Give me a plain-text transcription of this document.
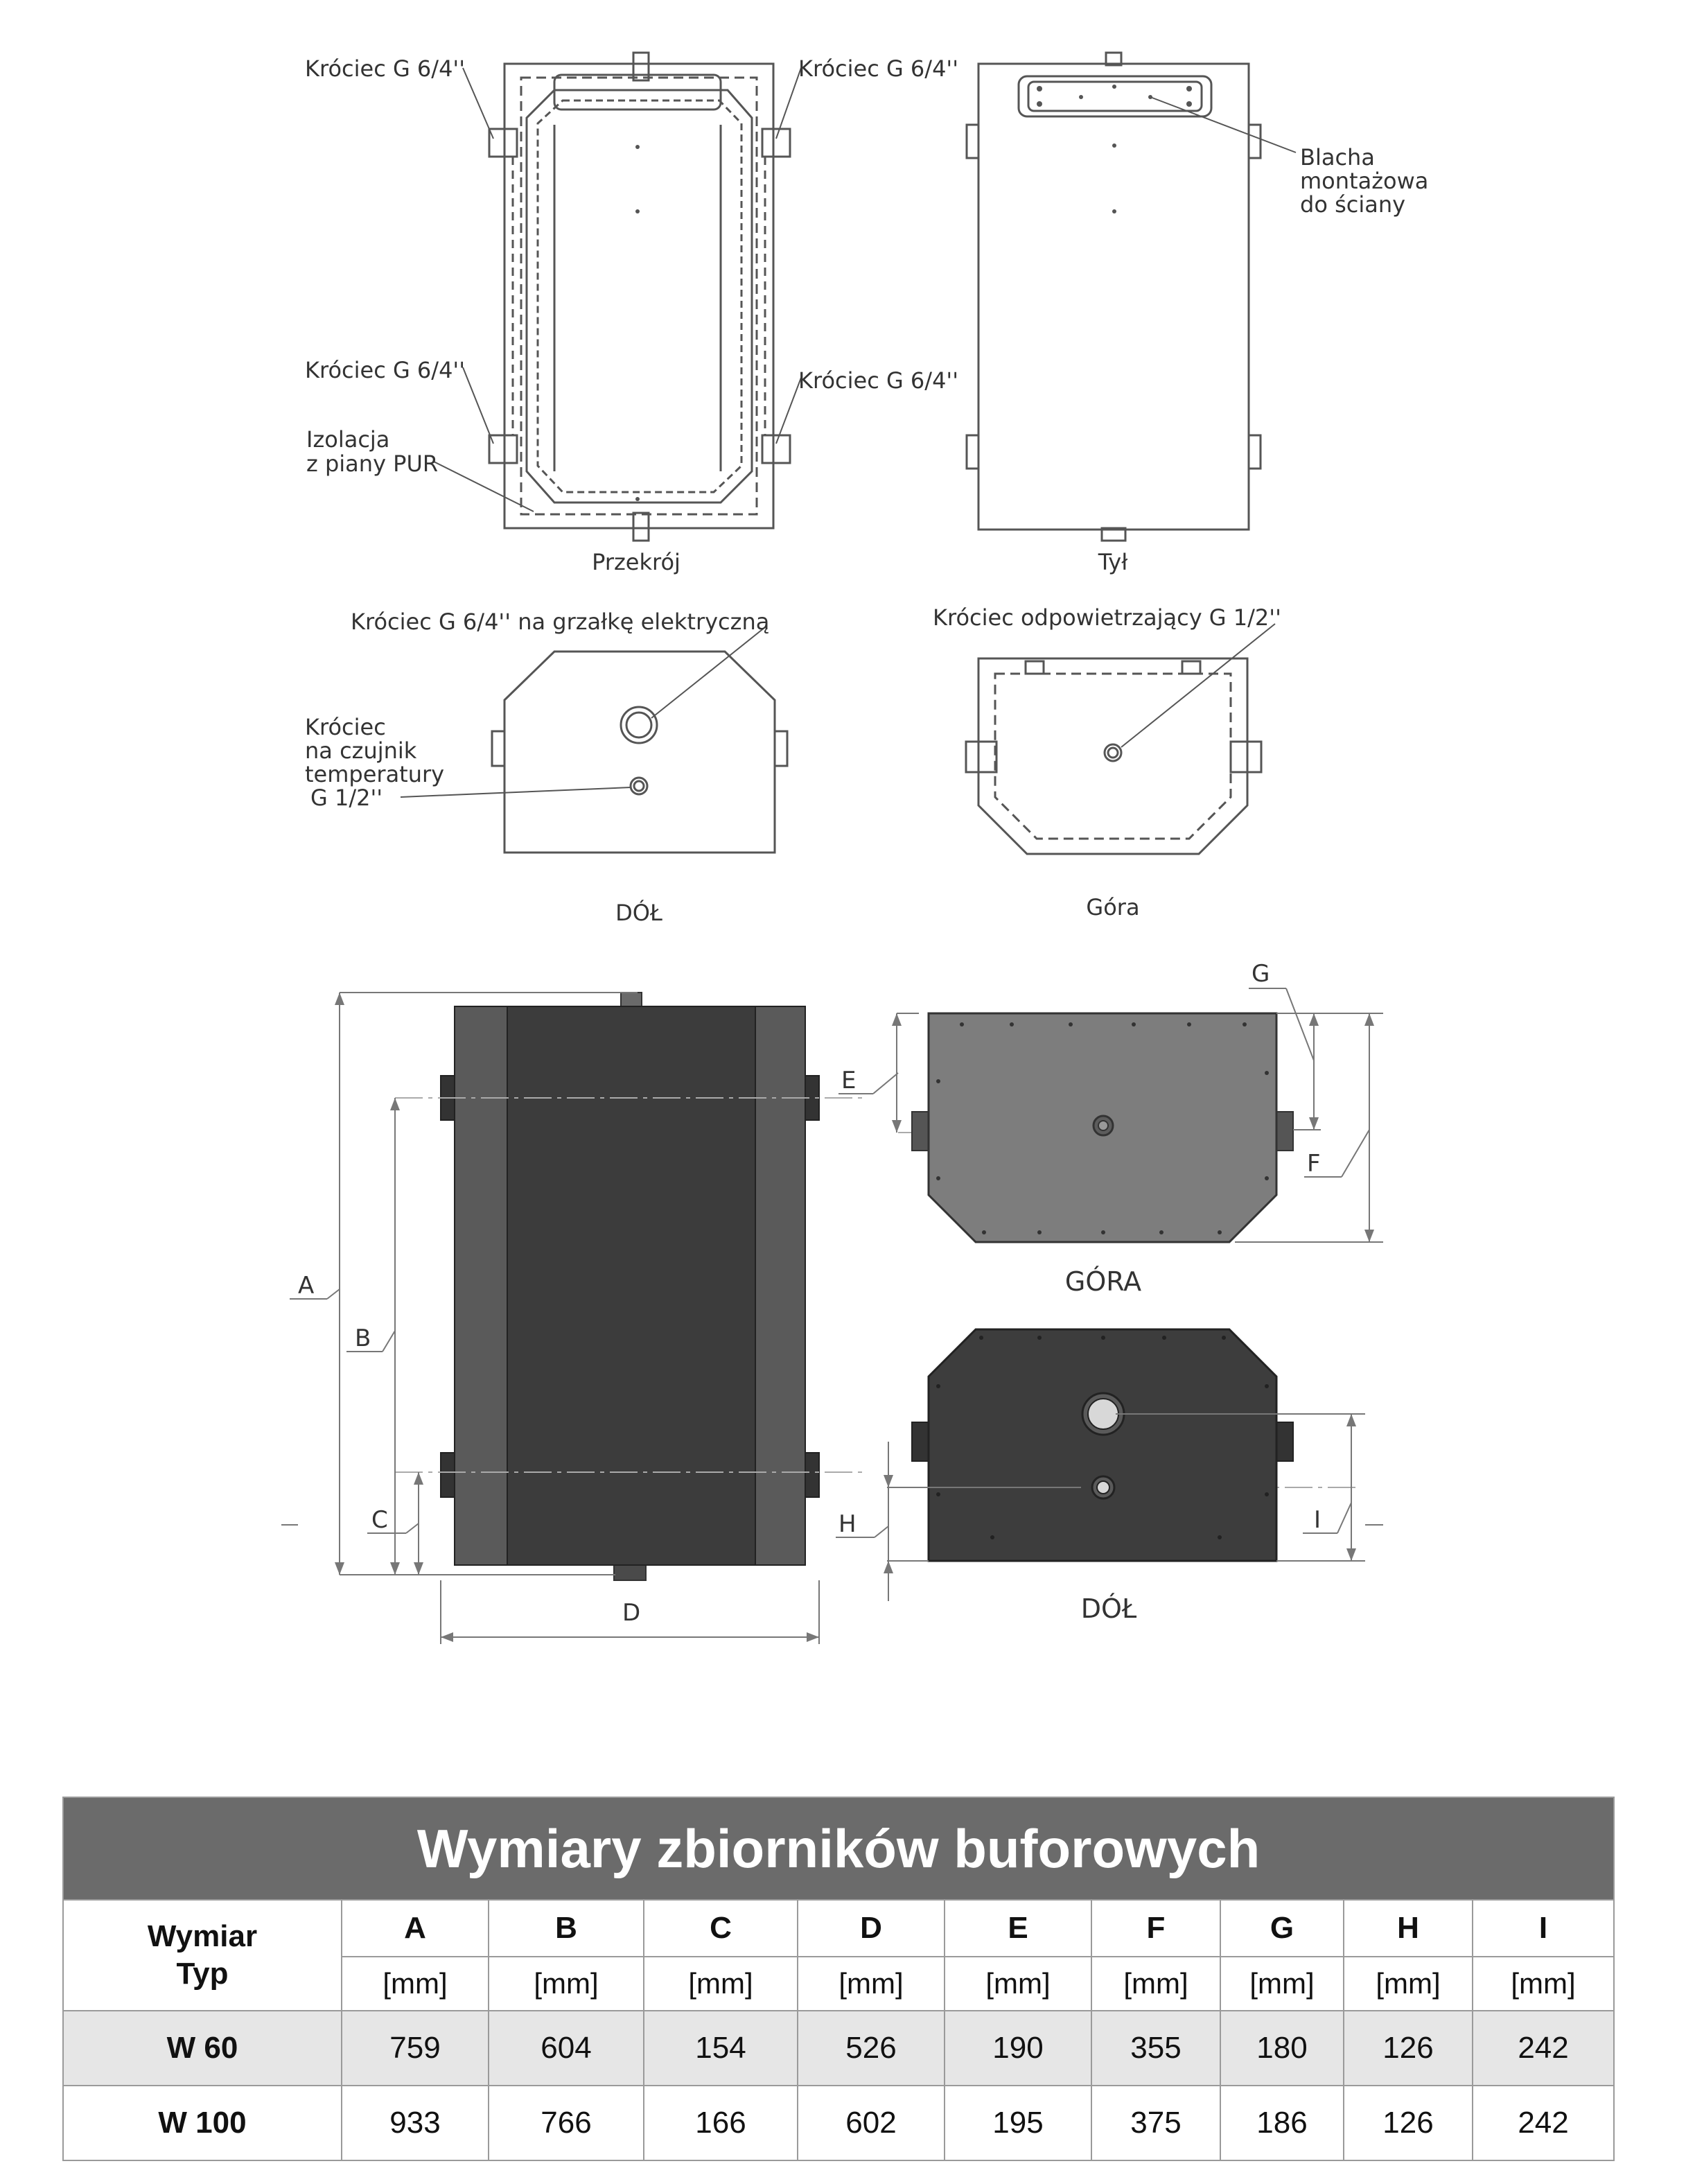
Króciec G 6/4''	Króciec G 6/4''
Króciec G 6/4''	Króciec G 6/4''
Izolacja
z piany PUR
Przekrój
Blacha
montażowa
do ściany
Tył
Króciec G 6/4'' na grzałkę elektryczną
Króciec
na czujnik
temperatury
G 1/2''
DÓŁ
Króciec odpowietrzający G 1/2''
Góra
A
B
C
D
E
F
G
GÓRA
H	I
DÓŁ
Wymiary zbiorników buforowych									

Wymiar
Typ	A	B	C	D	E	F	G	H	I
	[mm]	[mm]	[mm]	[mm]	[mm]	[mm]	[mm]	[mm]	[mm]
W 60	759	604	154	526	190	355	180	126	242
W 100	933	766	166	602	195	375	186	126	242
